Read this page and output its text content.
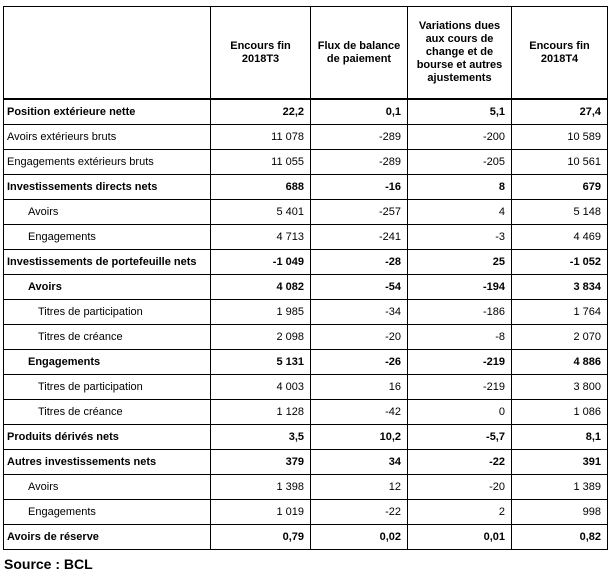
	Encours fin 2018T3	Flux de balance de paiement	Variations dues aux cours de change et de bourse et autres ajustements	Encours fin 2018T4
Position extérieure nette	22,2	0,1	5,1	27,4
Avoirs extérieurs bruts	11 078	-289	-200	10 589
Engagements extérieurs bruts	11 055	-289	-205	10 561
Investissements directs nets	688	-16	8	679
Avoirs	5 401	-257	4	5 148
Engagements	4 713	-241	-3	4 469
Investissements de portefeuille nets	-1 049	-28	25	-1 052
Avoirs	4 082	-54	-194	3 834
Titres de participation	1 985	-34	-186	1 764
Titres de créance	2 098	-20	-8	2 070
Engagements	5 131	-26	-219	4 886
Titres de participation	4 003	16	-219	3 800
Titres de créance	1 128	-42	0	1 086
Produits dérivés nets	3,5	10,2	-5,7	8,1
Autres investissements nets	379	34	-22	391
Avoirs	1 398	12	-20	1 389
Engagements	1 019	-22	2	998
Avoirs de réserve	0,79	0,02	0,01	0,82
Source : BCL
